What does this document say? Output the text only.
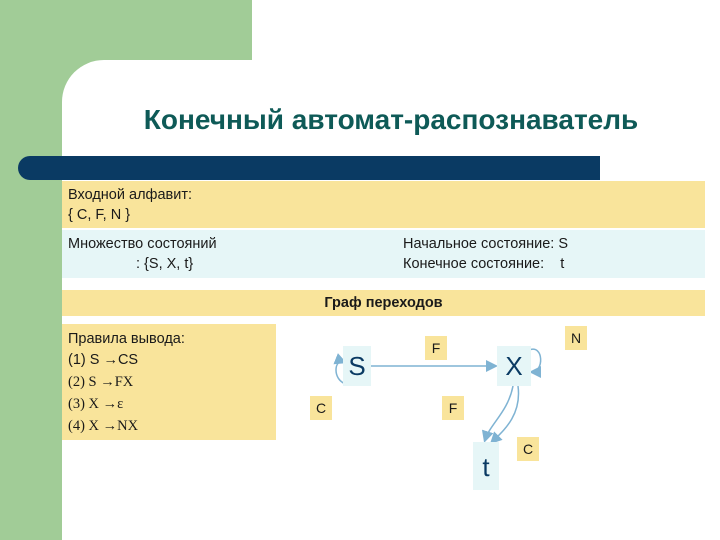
Конечный автомат-распознаватель
Входной алфавит:
{ C, F, N }
Множество состояний
: {S, X, t}
Начальное состояние: S
Конечное состояние:    t
Граф переходов
Правила вывода:
(1) S →CS
(2) S →FX
(3) X →ε
(4) X →NX
S	X
t
F
N
C	F
C
